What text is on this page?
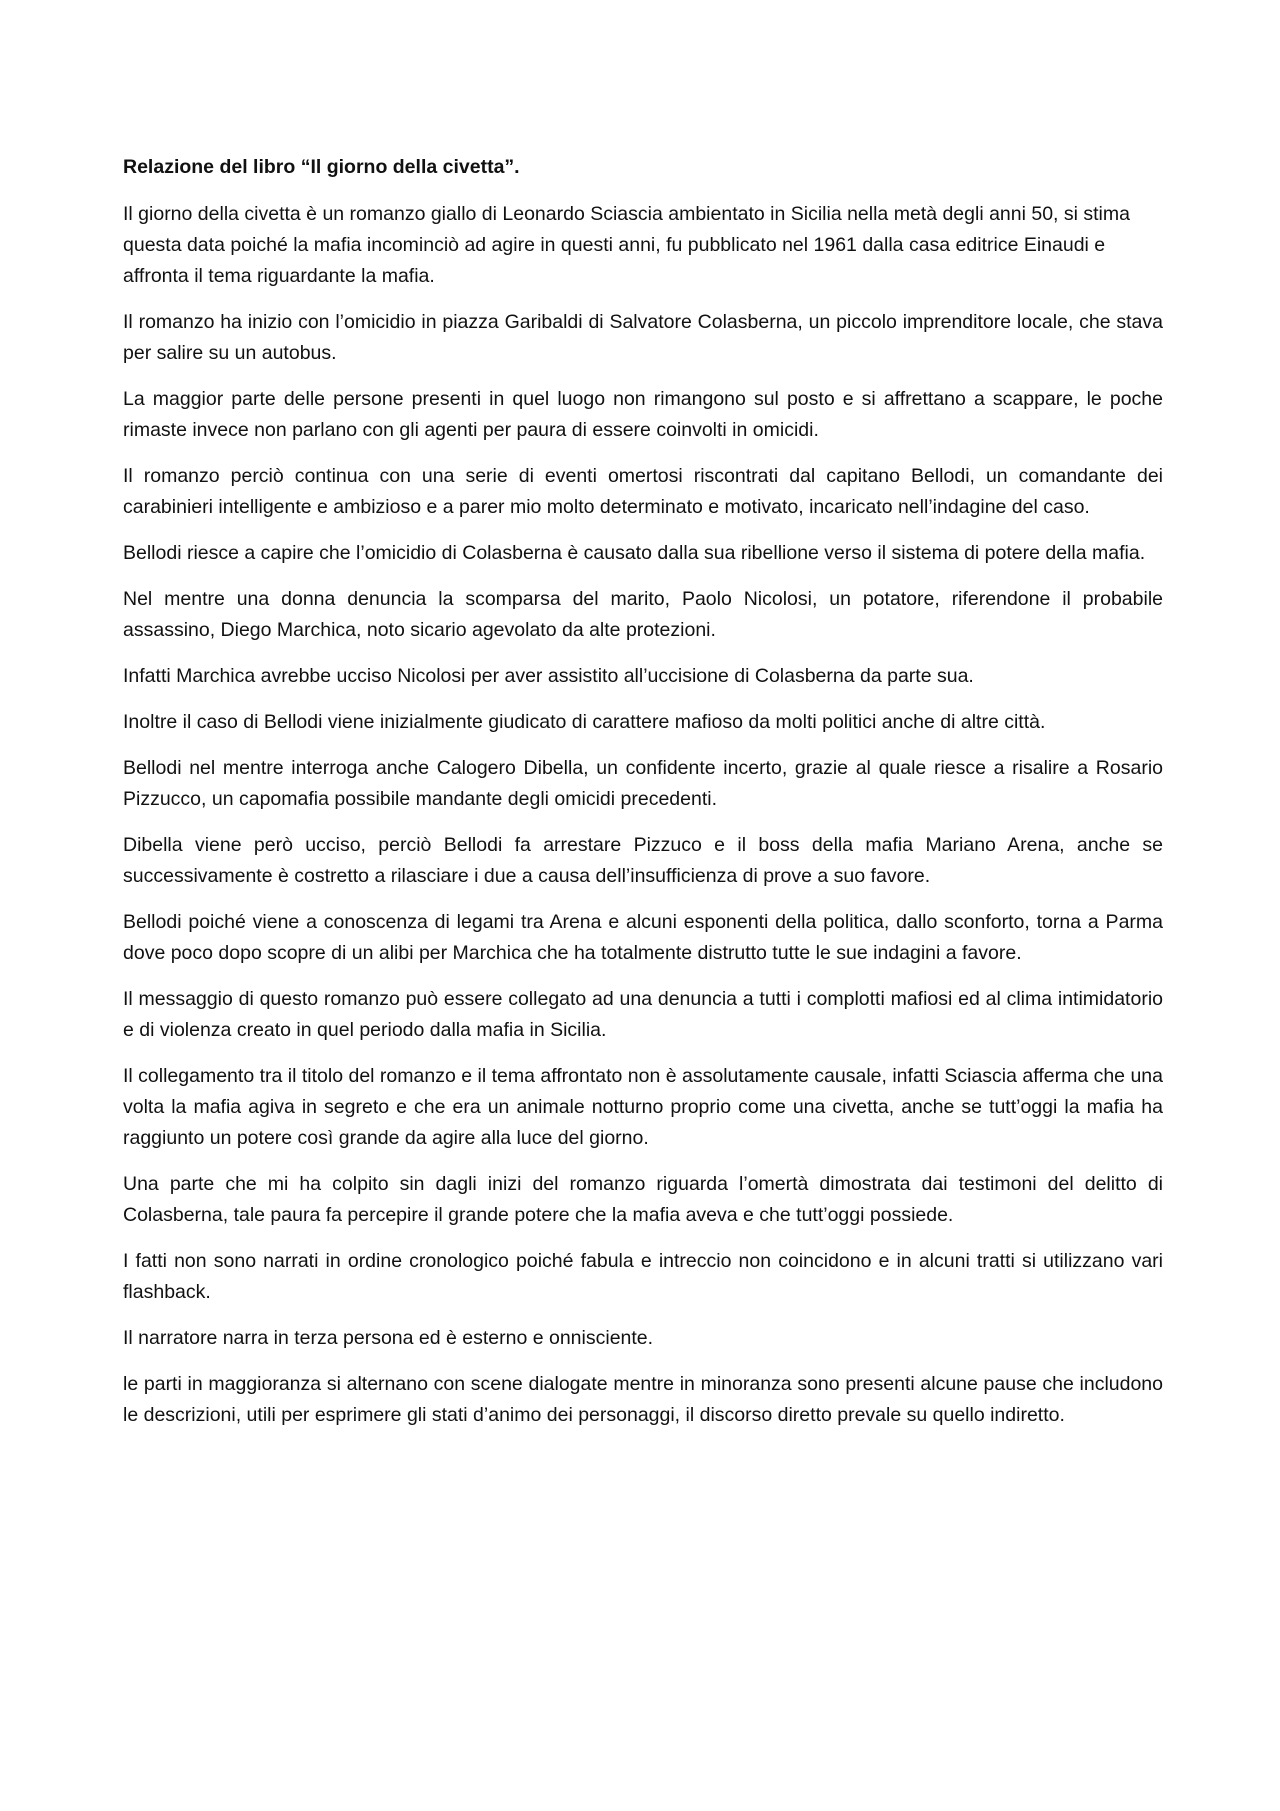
Relazione del libro “Il giorno della civetta”.

Il giorno della civetta è un romanzo giallo di Leonardo Sciascia ambientato in Sicilia nella metà degli anni 50, si stima questa data poiché la mafia incominciò ad agire in questi anni, fu pubblicato nel 1961 dalla casa editrice Einaudi e affronta il tema riguardante la mafia.

Il romanzo ha inizio con l’omicidio in piazza Garibaldi di Salvatore Colasberna, un piccolo imprenditore locale, che stava per salire su un autobus.

La maggior parte delle persone presenti in quel luogo non rimangono sul posto e si affrettano a scappare, le poche rimaste invece non parlano con gli agenti per paura di essere coinvolti in omicidi.

Il romanzo perciò continua con una serie di eventi omertosi riscontrati dal capitano Bellodi, un comandante dei carabinieri intelligente e ambizioso e a parer mio molto determinato e motivato, incaricato nell’indagine del caso.

Bellodi riesce a capire che l’omicidio di Colasberna è causato dalla sua ribellione verso il sistema di potere della mafia.

Nel mentre una donna denuncia la scomparsa del marito, Paolo Nicolosi, un potatore, riferendone il probabile assassino, Diego Marchica, noto sicario agevolato da alte protezioni.

Infatti Marchica avrebbe ucciso Nicolosi per aver assistito all’uccisione di Colasberna da parte sua.

Inoltre il caso di Bellodi viene inizialmente giudicato di carattere mafioso da molti politici anche di altre città.

Bellodi nel mentre interroga anche Calogero Dibella, un confidente incerto, grazie al quale riesce a risalire a Rosario Pizzucco, un capomafia possibile mandante degli omicidi precedenti.

Dibella viene però ucciso, perciò Bellodi fa arrestare Pizzuco e il boss della mafia Mariano Arena, anche se successivamente è costretto a rilasciare i due a causa dell’insufficienza di prove a suo favore.

Bellodi poiché viene a conoscenza di legami tra Arena e alcuni esponenti della politica, dallo sconforto, torna a Parma dove poco dopo scopre di un alibi per Marchica che ha totalmente distrutto tutte le sue indagini a favore.

Il messaggio di questo romanzo può essere collegato ad una denuncia a tutti i complotti mafiosi ed al clima intimidatorio e di violenza creato in quel periodo dalla mafia in Sicilia.

Il collegamento tra il titolo del romanzo e il tema affrontato non è assolutamente causale, infatti Sciascia afferma che una volta la mafia agiva in segreto e che era un animale notturno proprio come una civetta, anche se tutt’oggi la mafia ha raggiunto un potere così grande da agire alla luce del giorno.

Una parte che mi ha colpito sin dagli inizi del romanzo riguarda l’omertà dimostrata dai testimoni del delitto di Colasberna, tale paura fa percepire il grande potere che la mafia aveva e che tutt’oggi possiede.

I fatti non sono narrati in ordine cronologico poiché fabula e intreccio non coincidono e in alcuni tratti si utilizzano vari flashback.

Il narratore narra in terza persona ed è esterno e onnisciente.

le parti in maggioranza si alternano con scene dialogate mentre in minoranza sono presenti alcune pause che includono le descrizioni, utili per esprimere gli stati d’animo dei personaggi, il discorso diretto prevale su quello indiretto.
